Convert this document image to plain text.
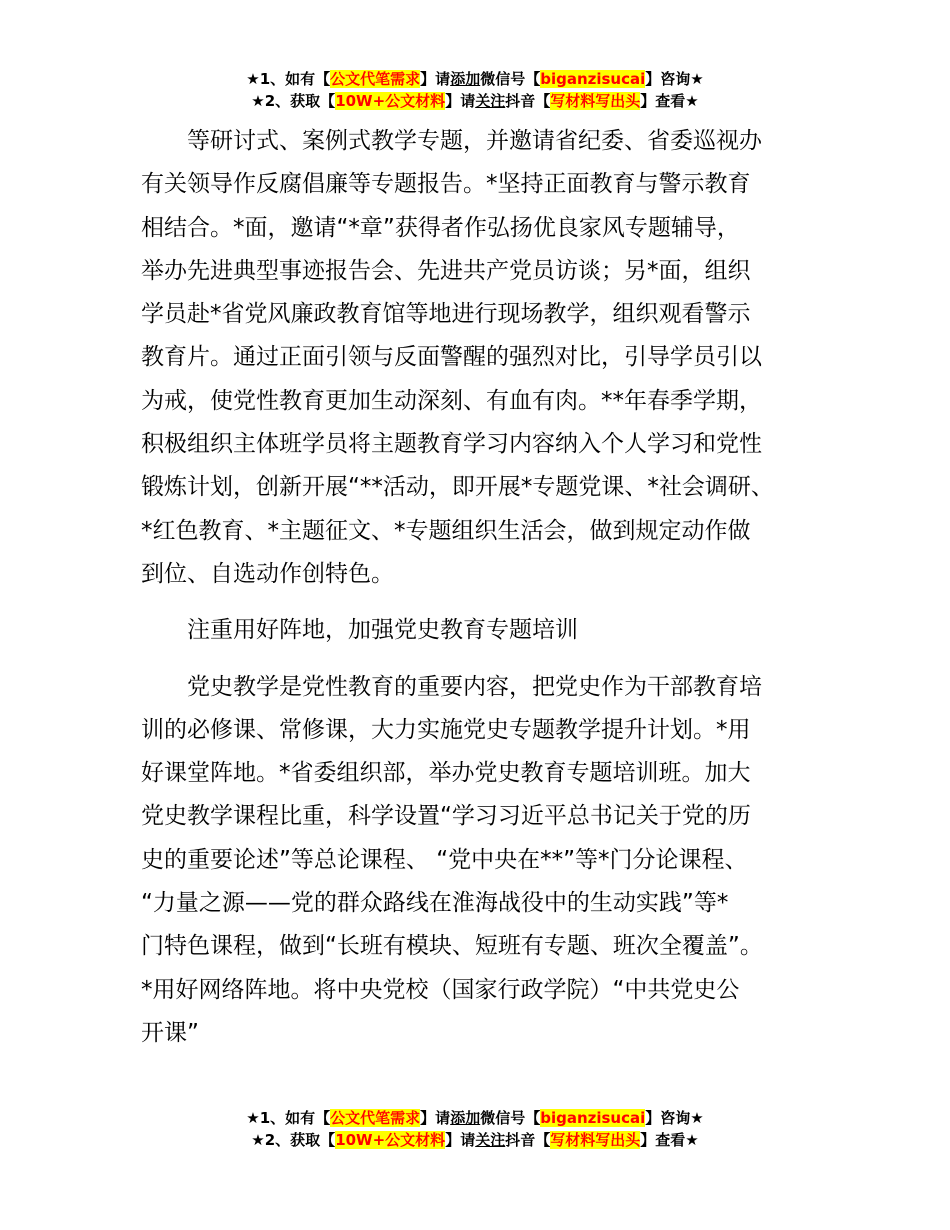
★1、如有【公文代笔需求】请添加微信号【biganzisucai】咨询★
★2、获取【10W+公文材料】请关注抖音【写材料写出头】查看★

等研讨式、案例式教学专题，并邀请省纪委、省委巡视办
有关领导作反腐倡廉等专题报告。*坚持正面教育与警示教育
相结合。*面，邀请“*章”获得者作弘扬优良家风专题辅导，
举办先进典型事迹报告会、先进共产党员访谈；另*面，组织
学员赴*省党风廉政教育馆等地进行现场教学，组织观看警示
教育片。通过正面引领与反面警醒的强烈对比，引导学员引以
为戒，使党性教育更加生动深刻、有血有肉。**年春季学期，
积极组织主体班学员将主题教育学习内容纳入个人学习和党性
锻炼计划，创新开展“**活动，即开展*专题党课、*社会调研、
*红色教育、*主题征文、*专题组织生活会，做到规定动作做
到位、自选动作创特色。

注重用好阵地，加强党史教育专题培训

党史教学是党性教育的重要内容，把党史作为干部教育培
训的必修课、常修课，大力实施党史专题教学提升计划。*用
好课堂阵地。*省委组织部，举办党史教育专题培训班。加大
党史教学课程比重，科学设置“学习习近平总书记关于党的历
史的重要论述”等总论课程、 “党中央在**”等*门分论课程、
“力量之源——党的群众路线在淮海战役中的生动实践”等*
门特色课程，做到“长班有模块、短班有专题、班次全覆盖”。
*用好网络阵地。将中央党校（国家行政学院）“中共党史公
开课”

★1、如有【公文代笔需求】请添加微信号【biganzisucai】咨询★
★2、获取【10W+公文材料】请关注抖音【写材料写出头】查看★
